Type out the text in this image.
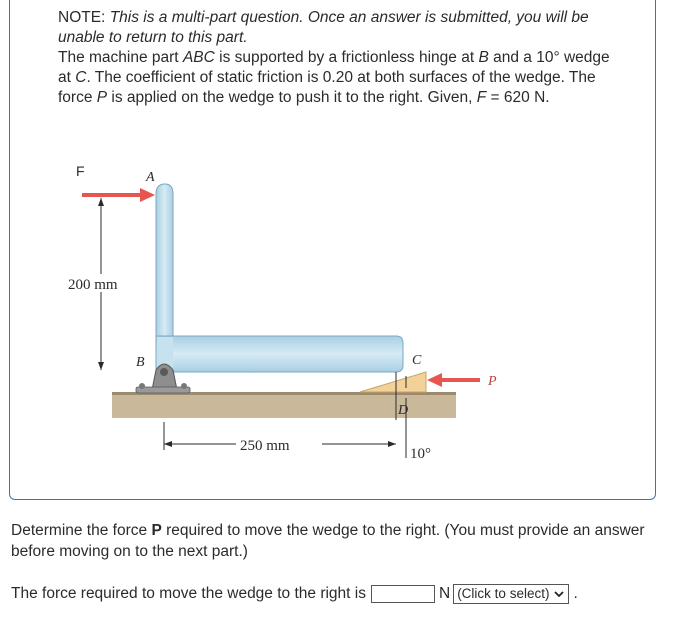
NOTE: This is a multi-part question. Once an answer is submitted, you will be unable to return to this part.

The machine part ABC is supported by a frictionless hinge at B and a 10° wedge at C. The coefficient of static friction is 0.20 at both surfaces of the wedge. The force P is applied on the wedge to push it to the right. Given, F = 620 N.

F	A
B	C
P
200 mm
D
250 mm	10°

Determine the force P required to move the wedge to the right. (You must provide an answer before moving on to the next part.)

The force required to move the wedge to the right is	N (Click to select) .
